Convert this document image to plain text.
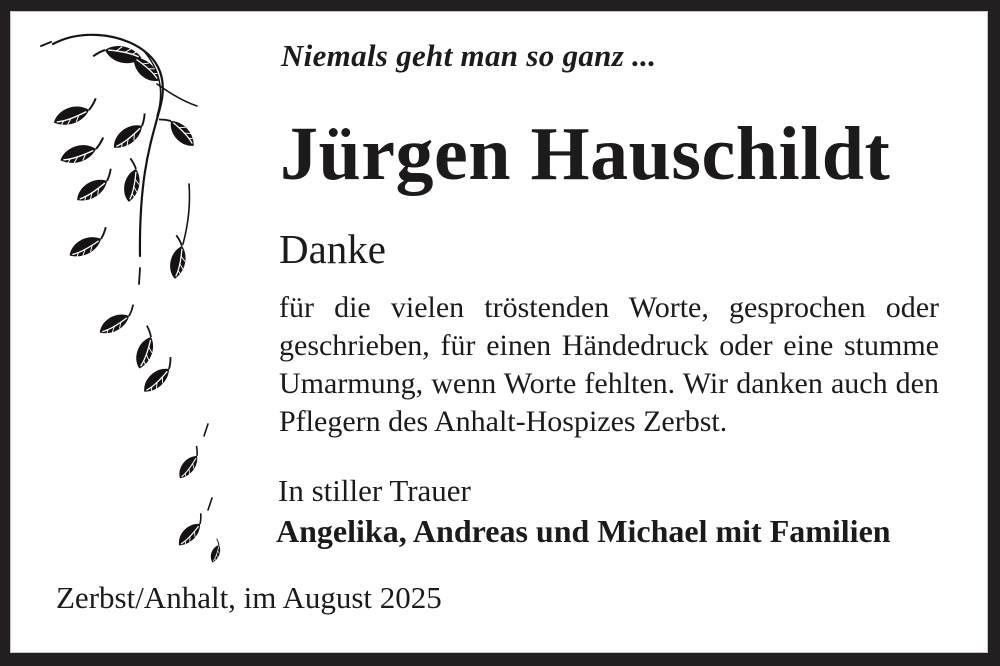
Niemals geht man so ganz ...
Jürgen Hauschildt
Danke

für die vielen tröstenden Worte, gesprochen oder geschrieben, für einen Händedruck oder eine stumme Umarmung, wenn Worte fehlten. Wir danken auch den Pflegern des Anhalt-Hospizes Zerbst.

In stiller Trauer
Angelika, Andreas und Michael mit Familien
Zerbst/Anhalt, im August 2025
